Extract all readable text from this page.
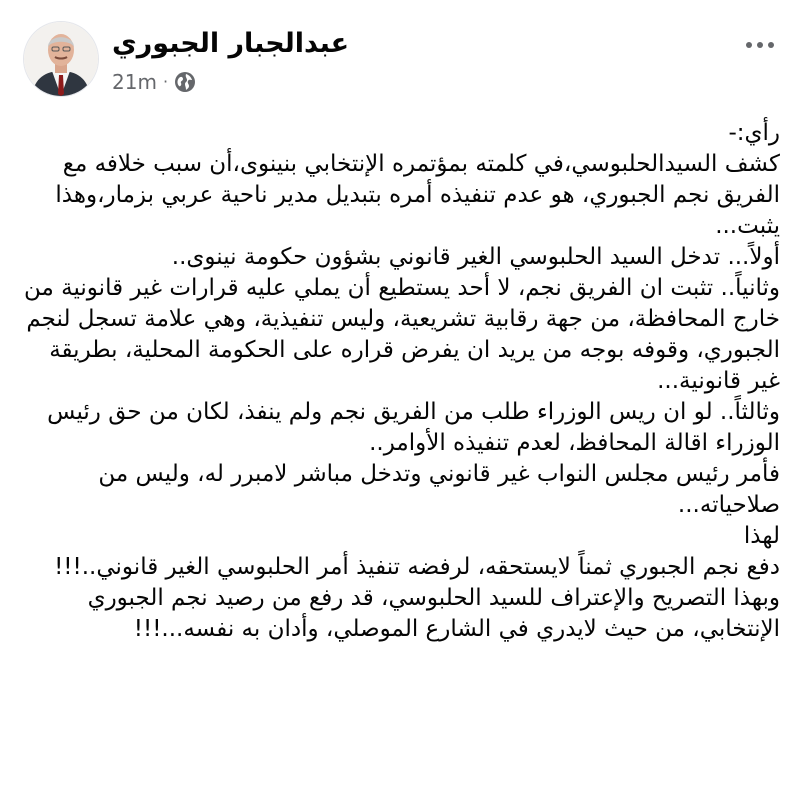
عبدالجبار الجبوري
21m ·

رأي:-

كشف السيدالحلبوسي،في كلمته بمؤتمره الإنتخابي بنينوى،أن سبب خلافه مع الفريق نجم الجبوري، هو عدم تنفيذه أمره بتبديل مدير ناحية عربي بزمار،وهذا يثبت...

أولاً... تدخل السيد الحلبوسي الغير قانوني بشؤون حكومة نينوى..

وثانياً.. تثبت ان الفريق نجم، لا أحد يستطيع أن يملي عليه قرارات غير قانونية من خارج المحافظة، من جهة رقابية تشريعية، وليس تنفيذية، وهي علامة تسجل لنجم الجبوري، وقوفه بوجه من يريد ان يفرض قراره على الحكومة المحلية، بطريقة غير قانونية...

وثالثاً.. لو ان ريس الوزراء طلب من الفريق نجم ولم ينفذ، لكان من حق رئيس الوزراء اقالة المحافظ، لعدم تنفيذه الأوامر..

فأمر رئيس مجلس النواب غير قانوني وتدخل مباشر لامبرر له، وليس من صلاحياته...

لهذا

دفع نجم الجبوري ثمناً لايستحقه، لرفضه تنفيذ أمر الحلبوسي الغير قانوني..!!!

وبهذا التصريح والإعتراف للسيد الحلبوسي، قد رفع من رصيد نجم الجبوري الإنتخابي، من حيث لايدري في الشارع الموصلي، وأدان به نفسه...!!!
